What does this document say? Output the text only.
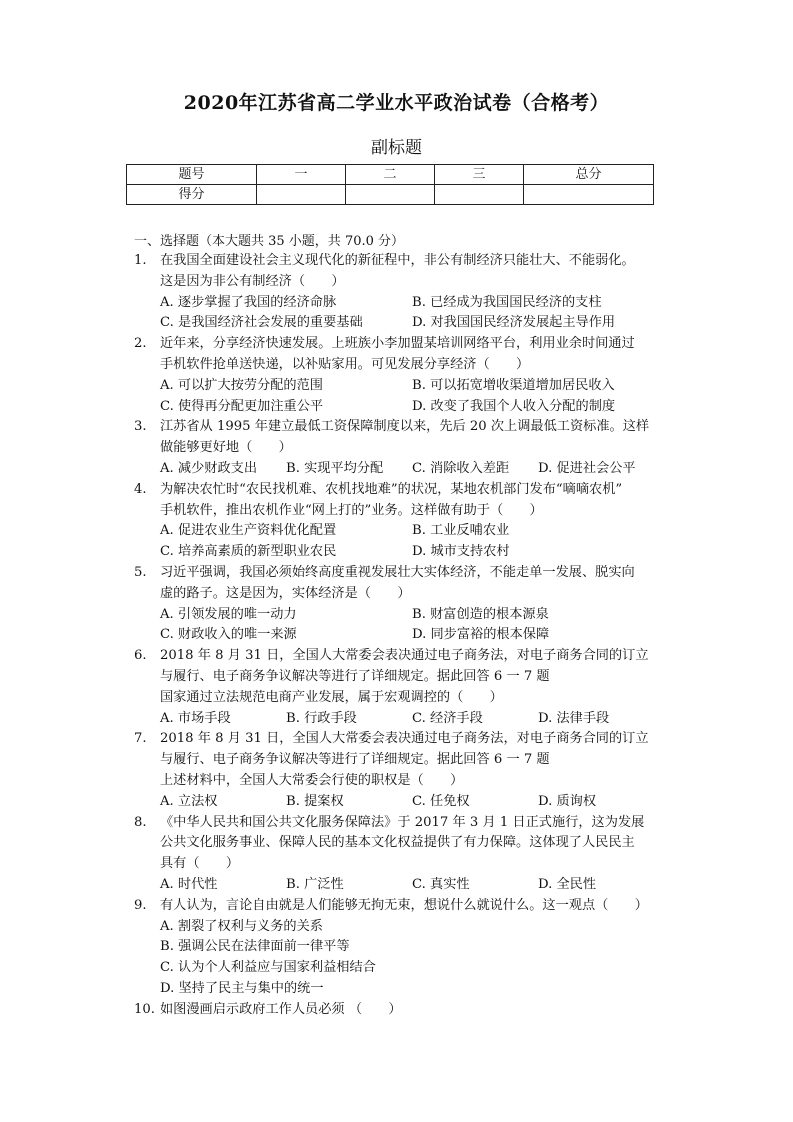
2020年江苏省高二学业水平政治试卷（合格考）
副标题
题号	一	二	三	总分
得分				
一、选择题（本大题共 35 小题，共 70.0 分）
1. 在我国全面建设社会主义现代化的新征程中，非公有制经济只能壮大、不能弱化。
这是因为非公有制经济（　　）
A. 逐步掌握了我国的经济命脉	B. 已经成为我国国民经济的支柱
C. 是我国经济社会发展的重要基础	D. 对我国国民经济发展起主导作用
2. 近年来，分享经济快速发展。上班族小李加盟某培训网络平台，利用业余时间通过
手机软件抢单送快递，以补贴家用。可见发展分享经济（　　）
A. 可以扩大按劳分配的范围	B. 可以拓宽增收渠道增加居民收入
C. 使得再分配更加注重公平	D. 改变了我国个人收入分配的制度
3. 江苏省从 1995 年建立最低工资保障制度以来，先后 20 次上调最低工资标准。这样
做能够更好地（　　）
A. 减少财政支出	B. 实现平均分配	C. 消除收入差距	D. 促进社会公平
4. 为解决农忙时“农民找机难、农机找地难”的状况，某地农机部门发布“嘀嘀农机”
手机软件，推出农机作业“网上打的”业务。这样做有助于（　　）
A. 促进农业生产资料优化配置	B. 工业反哺农业
C. 培养高素质的新型职业农民	D. 城市支持农村
5. 习近平强调，我国必须始终高度重视发展壮大实体经济，不能走单一发展、脱实向
虚的路子。这是因为，实体经济是（　　）
A. 引领发展的唯一动力	B. 财富创造的根本源泉
C. 财政收入的唯一来源	D. 同步富裕的根本保障
6. 2018 年 8 月 31 日，全国人大常委会表决通过电子商务法，对电子商务合同的订立
与履行、电子商务争议解决等进行了详细规定。据此回答 6 一 7 题
国家通过立法规范电商产业发展，属于宏观调控的（　　）
A. 市场手段	B. 行政手段	C. 经济手段	D. 法律手段
7. 2018 年 8 月 31 日，全国人大常委会表决通过电子商务法，对电子商务合同的订立
与履行、电子商务争议解决等进行了详细规定。据此回答 6 一 7 题
上述材料中，全国人大常委会行使的职权是（　　）
A. 立法权	B. 提案权	C. 任免权	D. 质询权
8. 《中华人民共和国公共文化服务保障法》于 2017 年 3 月 1 日正式施行，这为发展
公共文化服务事业、保障人民的基本文化权益提供了有力保障。这体现了人民民主
具有（　　）
A. 时代性	B. 广泛性	C. 真实性	D. 全民性
9. 有人认为，言论自由就是人们能够无拘无束，想说什么就说什么。这一观点（　　）
A. 割裂了权利与义务的关系
B. 强调公民在法律面前一律平等
C. 认为个人利益应与国家利益相结合
D. 坚持了民主与集中的统一
10. 如图漫画启示政府工作人员必须 （　　）
